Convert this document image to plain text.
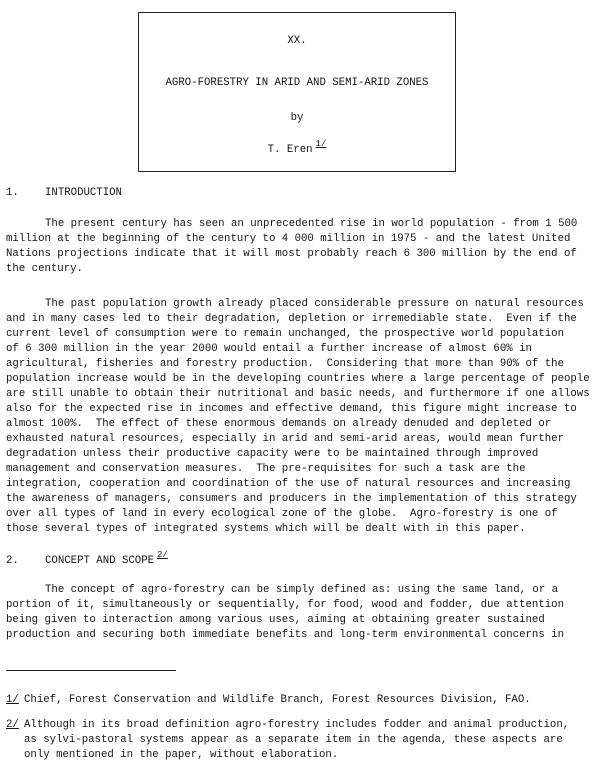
XX.
AGRO-FORESTRY IN ARID AND SEMI-ARID ZONES
by
T. Eren $^{1/}$
1. INTRODUCTION
The present century has seen an unprecedented rise in world population - from 1 500
million at the beginning of the century to 4 000 million in 1975 - and the latest United
Nations projections indicate that it will most probably reach 6 300 million by the end of
the century.
The past population growth already placed considerable pressure on natural resources
and in many cases led to their degradation, depletion or irremediable state.  Even if the
current level of consumption were to remain unchanged, the prospective world population
of 6 300 million in the year 2000 would entail a further increase of almost 60% in
agricultural, fisheries and forestry production.  Considering that more than 90% of the
population increase would be in the developing countries where a large percentage of people
are still unable to obtain their nutritional and basic needs, and furthermore if one allows
also for the expected rise in incomes and effective demand, this figure might increase to
almost 100%.  The effect of these enormous demands on already denuded and depleted or
exhausted natural resources, especially in arid and semi-arid areas, would mean further
degradation unless their productive capacity were to be maintained through improved
management and conservation measures.  The pre-requisites for such a task are the
integration, cooperation and coordination of the use of natural resources and increasing
the awareness of managers, consumers and producers in the implementation of this strategy
over all types of land in every ecological zone of the globe.  Agro-forestry is one of
those several types of integrated systems which will be dealt with in this paper.
2. CONCEPT AND SCOPE $^{2/}$
The concept of agro-forestry can be simply defined as: using the same land, or a
portion of it, simultaneously or sequentially, for food, wood and fodder, due attention
being given to interaction among various uses, aiming at obtaining greater sustained
production and securing both immediate benefits and long-term environmental concerns in
1/ Chief, Forest Conservation and Wildlife Branch, Forest Resources Division, FAO.
2/ Although in its broad definition agro-forestry includes fodder and animal production,
as sylvi-pastoral systems appear as a separate item in the agenda, these aspects are
only mentioned in the paper, without elaboration.
